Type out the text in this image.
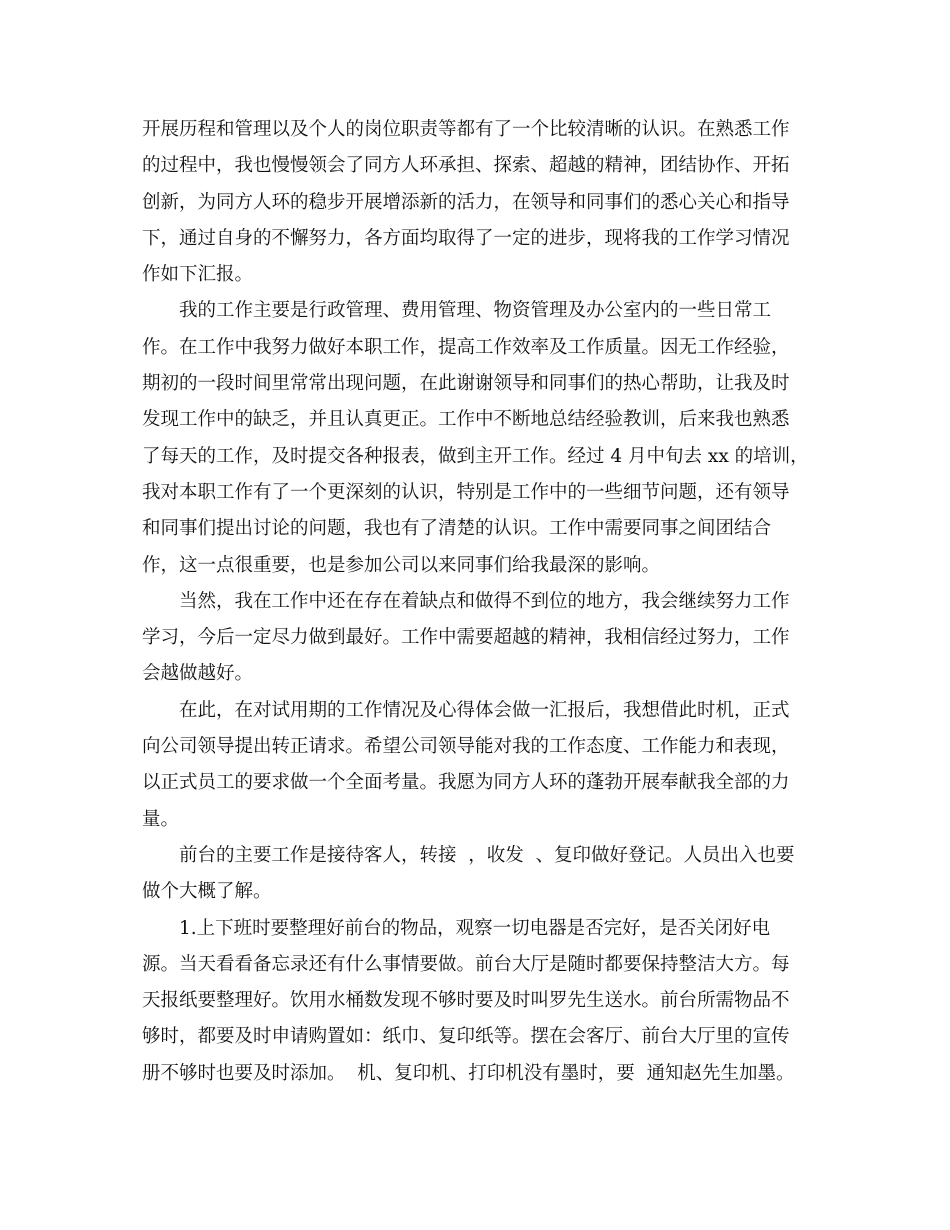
开展历程和管理以及个人的岗位职责等都有了一个比较清晰的认识。在熟悉工作
的过程中，我也慢慢领会了同方人环承担、探索、超越的精神，团结协作、开拓
创新，为同方人环的稳步开展增添新的活力，在领导和同事们的悉心关心和指导
下，通过自身的不懈努力，各方面均取得了一定的进步，现将我的工作学习情况
作如下汇报。
我的工作主要是行政管理、费用管理、物资管理及办公室内的一些日常工
作。在工作中我努力做好本职工作，提高工作效率及工作质量。因无工作经验，
期初的一段时间里常常出现问题，在此谢谢领导和同事们的热心帮助，让我及时
发现工作中的缺乏，并且认真更正。工作中不断地总结经验教训，后来我也熟悉
了每天的工作，及时提交各种报表，做到主开工作。经过 4 月中旬去 xx 的培训，
我对本职工作有了一个更深刻的认识，特别是工作中的一些细节问题，还有领导
和同事们提出讨论的问题，我也有了清楚的认识。工作中需要同事之间团结合
作，这一点很重要，也是参加公司以来同事们给我最深的影响。
当然，我在工作中还在存在着缺点和做得不到位的地方，我会继续努力工作
学习，今后一定尽力做到最好。工作中需要超越的精神，我相信经过努力，工作
会越做越好。
在此，在对试用期的工作情况及心得体会做一汇报后，我想借此时机，正式
向公司领导提出转正请求。希望公司领导能对我的工作态度、工作能力和表现，
以正式员工的要求做一个全面考量。我愿为同方人环的蓬勃开展奉献我全部的力
量。
前台的主要工作是接待客人，转接  ，收发  、复印做好登记。人员出入也要
做个大概了解。
1.上下班时要整理好前台的物品，观察一切电器是否完好，是否关闭好电
源。当天看看备忘录还有什么事情要做。前台大厅是随时都要保持整洁大方。每
天报纸要整理好。饮用水桶数发现不够时要及时叫罗先生送水。前台所需物品不
够时，都要及时申请购置如：纸巾、复印纸等。摆在会客厅、前台大厅里的宣传
册不够时也要及时添加。  机、复印机、打印机没有墨时，要  通知赵先生加墨。
